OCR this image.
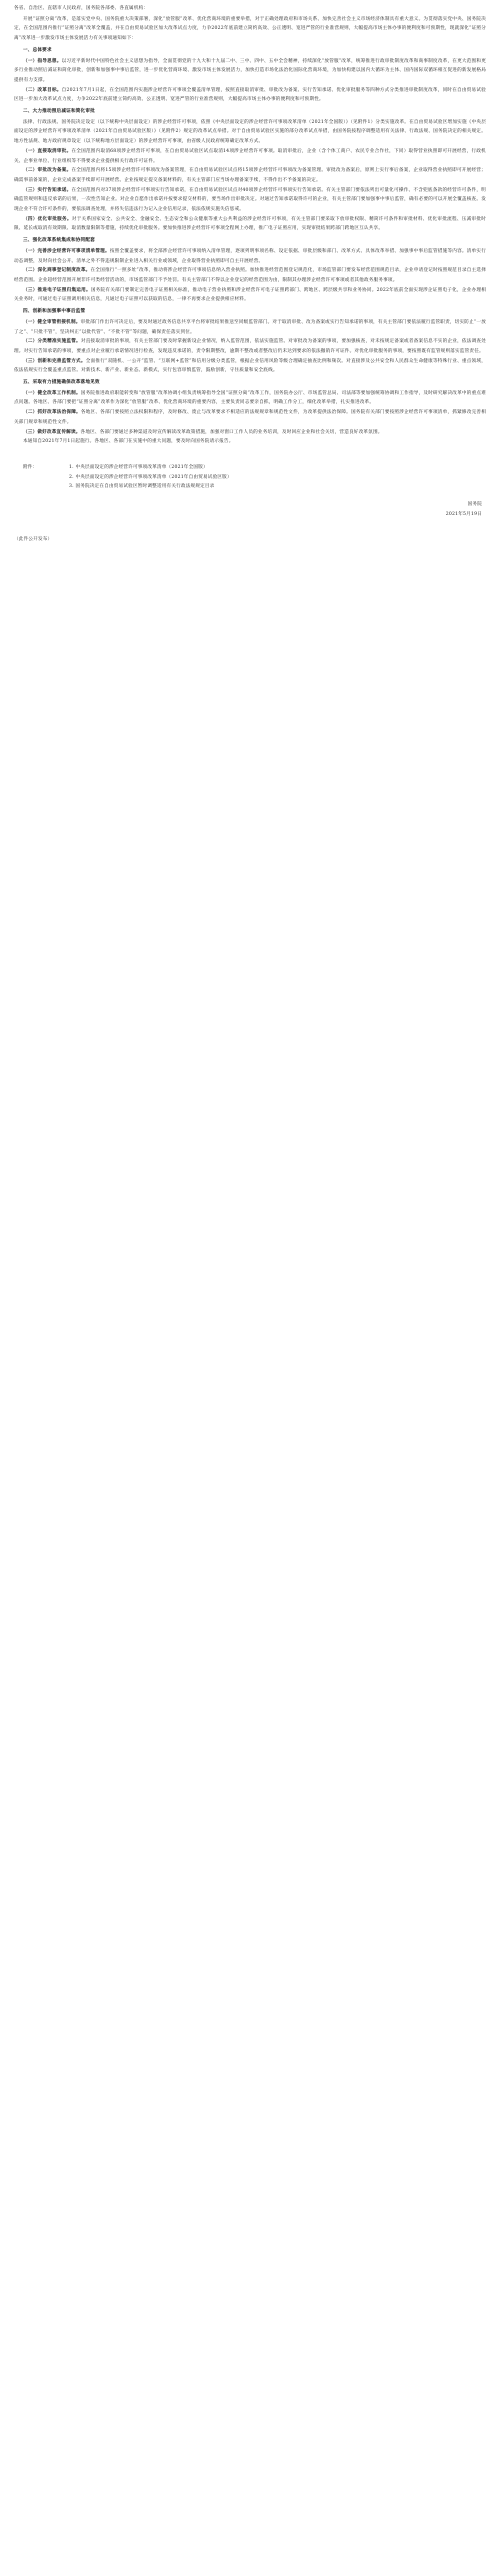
各省、自治区、直辖市人民政府，国务院各部委、各直属机构：

开展“证照分离”改革，是落实党中央、国务院重大决策部署，深化“放管服”改革、优化营商环境的重要举措，对于正确处理政府和市场关系、加快完善社会主义市场经济体制具有重大意义。为贯彻落实党中央、国务院决定，在全国范围内推行“证照分离”改革全覆盖，并在自由贸易试验区加大改革试点力度，力争2022年底前建立简约高效、公正透明、宽进严管的行业准营规则，大幅提高市场主体办事的便利度和可预期性，现就深化“证照分离”改革进一步激发市场主体发展活力有关事项通知如下：

一、总体要求

（一）指导思想。以习近平新时代中国特色社会主义思想为指导，全面贯彻党的十九大和十九届二中、三中、四中、五中全会精神，持续深化“放管服”改革，统筹推进行政审批制度改革和商事制度改革，在更大范围和更多行业推动照后减证和简化审批，创新和加强事中事后监管，进一步优化营商环境、激发市场主体发展活力，加快打造市场化法治化国际化营商环境，为加快构建以国内大循环为主体、国内国际双循环相互促进的新发展格局提供有力支撑。

（二）改革目标。自2021年7月1日起，在全国范围内实施涉企经营许可事项全覆盖清单管理，按照直接取消审批、审批改为备案、实行告知承诺、优化审批服务等四种方式分类推进审批制度改革，同时在自由贸易试验区进一步加大改革试点力度，力争2022年底前建立简约高效、公正透明、宽进严管的行业准营规则，大幅提高市场主体办事的便利度和可预期性。

二、大力推动照后减证和简化审批

法律、行政法规、国务院决定设定（以下统称中央层面设定）的涉企经营许可事项，依照《中央层面设定的涉企经营许可事项改革清单（2021年全国版）》（见附件1）分类实施改革。在自由贸易试验区增加实施《中央层面设定的涉企经营许可事项改革清单（2021年自由贸易试验区版）》（见附件2）规定的改革试点举措。对于自由贸易试验区实施的部分改革试点举措，由国务院按程序调整适用有关法律、行政法规、国务院决定的相关规定。地方性法规、地方政府规章设定（以下统称地方层面设定）的涉企经营许可事项，由省级人民政府统筹确定改革方式。

（一）直接取消审批。在全国范围内取消68项涉企经营许可事项，在自由贸易试验区试点取消14项涉企经营许可事项。取消审批后，企业（含个体工商户、农民专业合作社，下同）取得营业执照即可开展经营，行政机关、企事业单位、行业组织等不得要求企业提供相关行政许可证件。

（二）审批改为备案。在全国范围内将15项涉企经营许可事项改为备案管理，在自由贸易试验区试点将15项涉企经营许可事项改为备案管理。审批改为备案后，原则上实行事后备案，企业取得营业执照即可开展经营；确需事前备案的，企业完成备案手续即可开展经营。企业按规定提交备案材料的，有关主管部门应当场办理备案手续，不得作出不予备案的决定。

（三）实行告知承诺。在全国范围内对37项涉企经营许可事项实行告知承诺，在自由贸易试验区试点对40项涉企经营许可事项实行告知承诺。有关主管部门要依法列出可量化可操作、不含兜底条款的经营许可条件，明确监管规则和违反承诺的后果，一次性告知企业。对企业自愿作出承诺并按要求提交材料的，要当场作出审批决定。对通过告知承诺取得许可的企业，有关主管部门要加强事中事后监管，确有必要的可以开展全覆盖核查。发现企业不符合许可条件的，要依法调查处理，并将失信违法行为记入企业信用记录，依法依规实施失信惩戒。

（四）优化审批服务。对于关系国家安全、公共安全、金融安全、生态安全和公众健康等重大公共利益的涉企经营许可事项，有关主管部门要采取下放审批权限、精简许可条件和审批材料、优化审批流程、压减审批时限、延长或取消有效期限、取消数量限制等措施，持续优化审批服务。要加快推进涉企经营许可事项全程网上办理，推广电子证照应用，实现审批结果跨部门跨地区互认共享。

三、强化改革系统集成和协同配套

（一）完善涉企经营许可事项清单管理。按照全覆盖要求，将全部涉企经营许可事项纳入清单管理，逐项列明事项名称、设定依据、审批层级和部门、改革方式、具体改革举措、加强事中事后监管措施等内容。清单实行动态调整，及时向社会公开。清单之外不得违规限制企业进入相关行业或领域，企业取得营业执照即可自主开展经营。

（二）深化商事登记制度改革。在全国推行“一照多址”改革，推动将涉企经营许可事项信息纳入营业执照。加快推进经营范围登记规范化，市场监管部门要发布经营范围规范目录，企业申请登记时按照规范目录自主选择经营范围。企业超经营范围开展非许可类经营活动的，市场监管部门不予处罚。有关主管部门不得以企业登记的经营范围为由，限制其办理涉企经营许可事项或者其他政务服务事项。

（三）推进电子证照归集运用。国务院有关部门要制定完善电子证照相关标准，推动电子营业执照和涉企经营许可电子证照跨部门、跨地区、跨层级共享和业务协同。2022年底前全面实现涉企证照电子化，企业办理相关业务时，可通过电子证照调用相关信息，凡通过电子证照可以获取的信息，一律不再要求企业提供相应材料。

四、创新和加强事中事后监管

（一）健全审管衔接机制。审批部门作出许可决定后，要及时通过政务信息共享平台将审批结果推送至同级监管部门。对于取消审批、改为备案或实行告知承诺的事项，有关主管部门要依法履行监管职责，切实防止“一放了之”、“只批不管”，坚决纠正“以批代管”、“不批不管”等问题，确保责任落实到位。

（二）分类精准实施监管。对直接取消审批的事项，有关主管部门要及时掌握新设企业情况，纳入监管范围，依法实施监管。对审批改为备案的事项，要加强核查，对未按规定备案或者备案信息不实的企业，依法调查处理。对实行告知承诺的事项，要重点对企业履行承诺情况进行检查，发现违反承诺的，责令限期整改，逾期不整改或者整改后仍未达到要求的依法撤销许可证件。对优化审批服务的事项，要按照既有监管规则落实监管责任。

（三）创新和完善监管方式。全面推行“双随机、一公开”监管、“互联网+监管”和信用分级分类监管，根据企业信用风险等级合理确定抽查比例和频次。对直接涉及公共安全和人民群众生命健康等特殊行业、重点领域，依法依规实行全覆盖重点监管。对新技术、新产业、新业态、新模式，实行包容审慎监管，鼓励创新，守住质量和安全底线。

五、采取有力措施确保改革落地见效

（一）健全改革工作机制。国务院推进政府职能转变和“放管服”改革协调小组负责统筹指导全国“证照分离”改革工作，国务院办公厅、市场监管总局、司法部等要加强统筹协调和工作指导，及时研究解决改革中的重点难点问题。各地区、各部门要把“证照分离”改革作为深化“放管服”改革、优化营商环境的重要内容，主要负责同志要亲自抓，明确工作分工，细化改革举措，扎实推进改革。

（二）抓好改革法治保障。各地区、各部门要按照立法权限和程序，及时修改、废止与改革要求不相适应的法规规章和规范性文件，为改革提供法治保障。国务院有关部门要按照涉企经营许可事项清单，抓紧修改完善相关部门规章和规范性文件。

（三）做好改革宣传解读。各地区、各部门要通过多种渠道及时宣传解读改革政策措施，加强对窗口工作人员的业务培训，及时回应企业和社会关切，营造良好改革氛围。

本通知自2021年7月1日起施行。各地区、各部门在实施中的重大问题，要及时向国务院请示报告。

附件：	1. 中央层面设定的涉企经营许可事项改革清单（2021年全国版）
2. 中央层面设定的涉企经营许可事项改革清单（2021年自由贸易试验区版）
3. 国务院决定在自由贸易试验区暂时调整适用有关行政法规规定目录
国务院
2021年5月19日

（此件公开发布）
